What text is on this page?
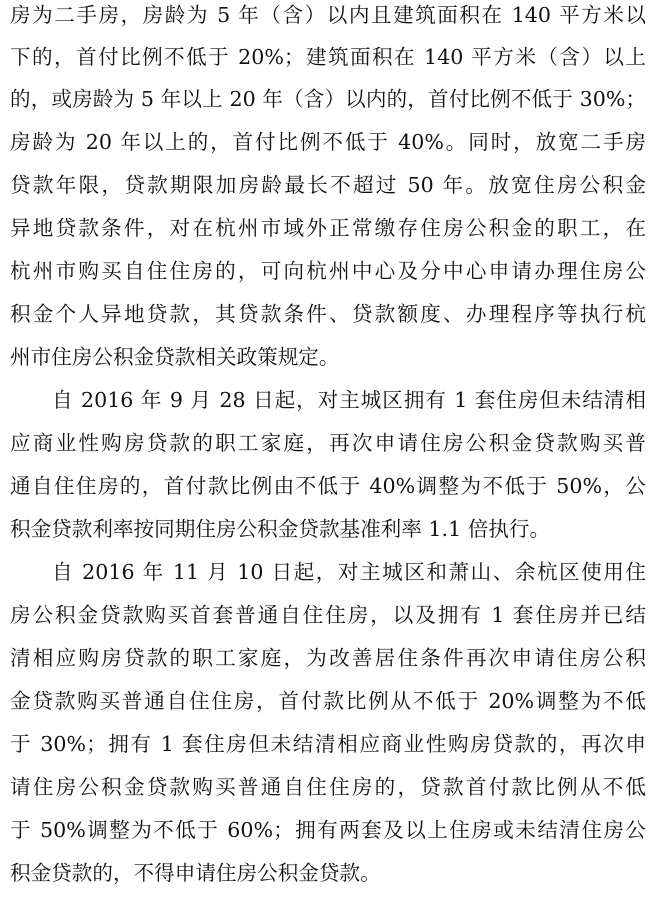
房为二手房，房龄为 5 年（含）以内且建筑面积在 140 平方米以
下的，首付比例不低于 20%；建筑面积在 140 平方米（含）以上
的，或房龄为 5 年以上 20 年（含）以内的，首付比例不低于 30%；
房龄为 20 年以上的，首付比例不低于 40%。同时，放宽二手房
贷款年限，贷款期限加房龄最长不超过 50 年。放宽住房公积金
异地贷款条件，对在杭州市域外正常缴存住房公积金的职工，在
杭州市购买自住住房的，可向杭州中心及分中心申请办理住房公
积金个人异地贷款，其贷款条件、贷款额度、办理程序等执行杭
州市住房公积金贷款相关政策规定。
自 2016 年 9 月 28 日起，对主城区拥有 1 套住房但未结清相
应商业性购房贷款的职工家庭，再次申请住房公积金贷款购买普
通自住住房的，首付款比例由不低于 40%调整为不低于 50%，公
积金贷款利率按同期住房公积金贷款基准利率 1.1 倍执行。
自 2016 年 11 月 10 日起，对主城区和萧山、余杭区使用住
房公积金贷款购买首套普通自住住房，以及拥有 1 套住房并已结
清相应购房贷款的职工家庭，为改善居住条件再次申请住房公积
金贷款购买普通自住住房，首付款比例从不低于 20%调整为不低
于 30%；拥有 1 套住房但未结清相应商业性购房贷款的，再次申
请住房公积金贷款购买普通自住住房的，贷款首付款比例从不低
于 50%调整为不低于 60%；拥有两套及以上住房或未结清住房公
积金贷款的，不得申请住房公积金贷款。
